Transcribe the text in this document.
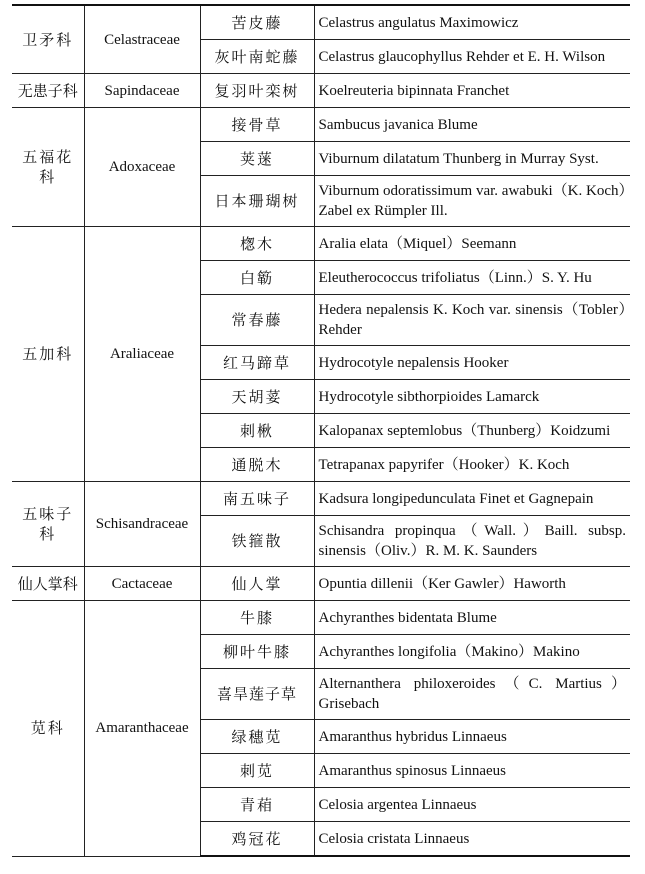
卫矛科	Celastraceae	苦皮藤	Celastrus angulatus Maximowicz
		灰叶南蛇藤	Celastrus glaucophyllus Rehder et E. H. Wilson
无患子科	Sapindaceae	复羽叶栾树	Koelreuteria bipinnata Franchet
五福花科	Adoxaceae	接骨草	Sambucus javanica Blume
		荚蒾	Viburnum dilatatum Thunberg in Murray Syst.
		日本珊瑚树	Viburnum odoratissimum var. awabuki（K. Koch）Zabel ex Rümpler Ill.
五加科	Araliaceae	楤木	Aralia elata（Miquel）Seemann
		白簕	Eleutherococcus trifoliatus（Linn.）S. Y. Hu
		常春藤	Hedera nepalensis K. Koch var. sinensis（Tobler）Rehder
		红马蹄草	Hydrocotyle nepalensis Hooker
		天胡荽	Hydrocotyle sibthorpioides Lamarck
		刺楸	Kalopanax septemlobus（Thunberg）Koidzumi
		通脱木	Tetrapanax papyrifer（Hooker）K. Koch
五味子科	Schisandraceae	南五味子	Kadsura longipedunculata Finet et Gagnepain
		铁箍散	Schisandra propinqua（Wall.）Baill. subsp. sinensis（Oliv.）R. M. K. Saunders
仙人掌科	Cactaceae	仙人掌	Opuntia dillenii（Ker Gawler）Haworth
苋科	Amaranthaceae	牛膝	Achyranthes bidentata Blume
		柳叶牛膝	Achyranthes longifolia（Makino）Makino
		喜旱莲子草	Alternanthera philoxeroides（C. Martius）Grisebach
		绿穗苋	Amaranthus hybridus Linnaeus
		刺苋	Amaranthus spinosus Linnaeus
		青葙	Celosia argentea Linnaeus
		鸡冠花	Celosia cristata Linnaeus
